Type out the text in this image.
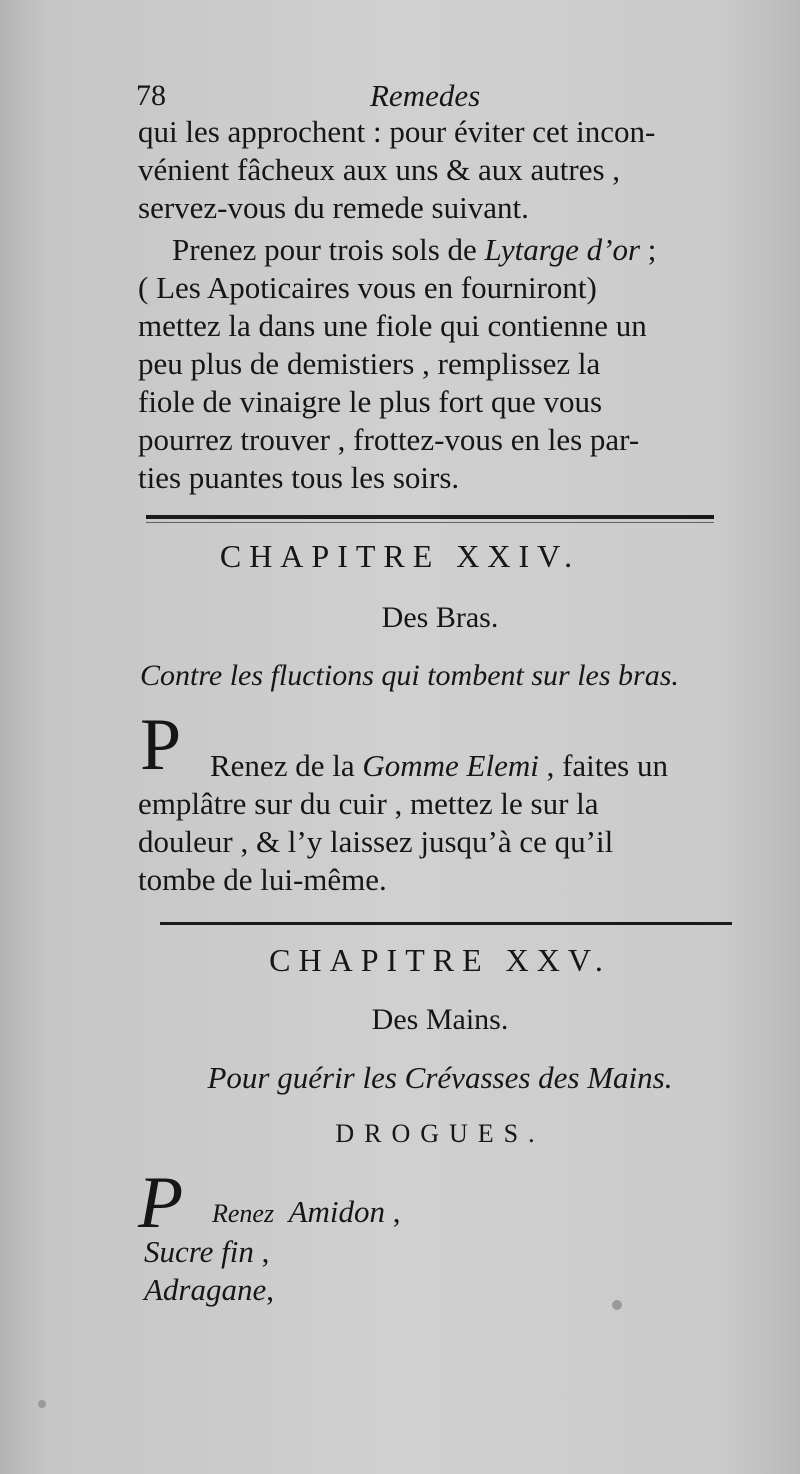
78	Remedes
qui les approchent : pour éviter cet incon-
vénient fâcheux aux uns & aux autres ,
servez-vous du remede suivant.
Prenez pour trois sols de Lytarge d’or ;
( Les Apoticaires vous en fourniront)
mettez la dans une fiole qui contienne un
peu plus de demistiers , remplissez la
fiole de vinaigre le plus fort que vous
pourrez trouver , frottez-vous en les par-
ties puantes tous les soirs.
CHAPITRE XXIV.
Des Bras.
Contre les fluctions qui tombent sur les bras.
P Renez de la Gomme Elemi , faites un
emplâtre sur du cuir , mettez le sur la
douleur , & l’y laissez jusqu’à ce qu’il
tombe de lui-même.
CHAPITRE XXV.
Des Mains.
Pour guérir les Crévasses des Mains.
DROGUES.
P Renez Amidon ,
Sucre fin ,
Adragane,
